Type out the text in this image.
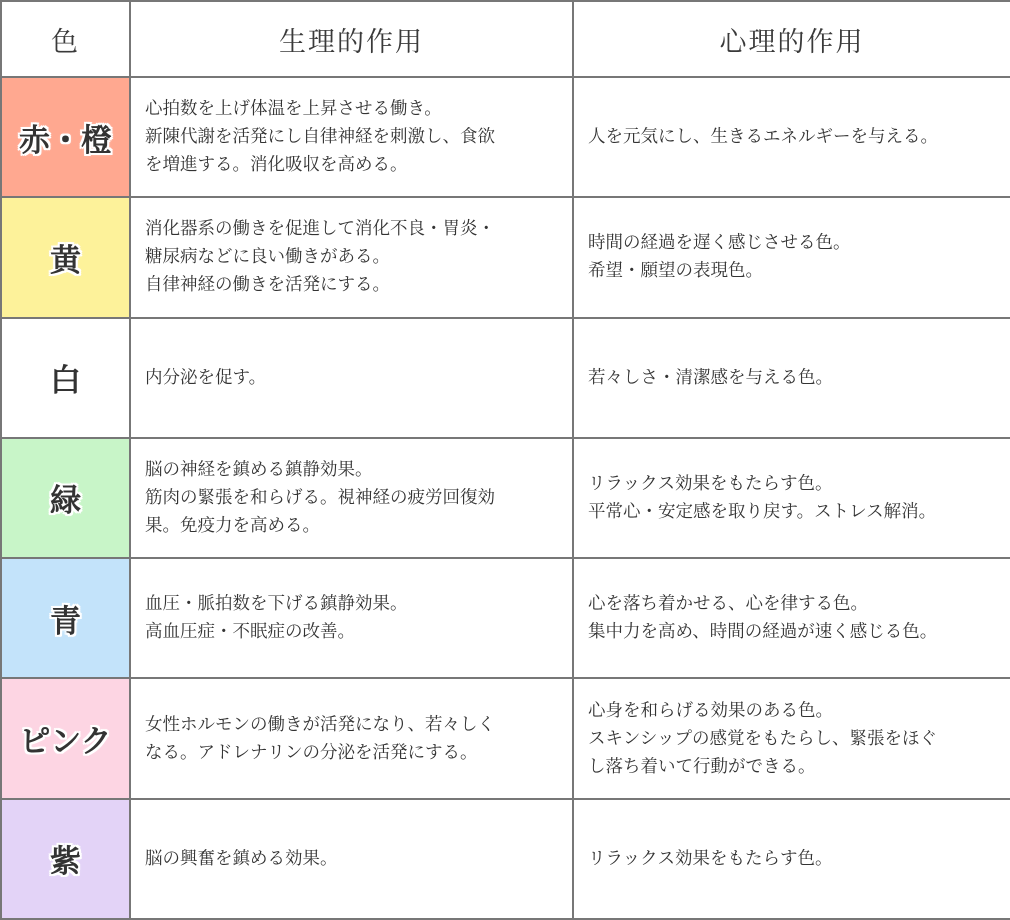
色	生理的作用	心理的作用
赤・橙	心拍数を上げ体温を上昇させる働き。
新陳代謝を活発にし自律神経を刺激し、食欲
を増進する。消化吸収を高める。	人を元気にし、生きるエネルギーを与える。

黄	消化器系の働きを促進して消化不良・胃炎・
糖尿病などに良い働きがある。
自律神経の働きを活発にする。	時間の経過を遅く感じさせる色。
希望・願望の表現色。

白	内分泌を促す。	若々しさ・清潔感を与える色。

緑	脳の神経を鎮める鎮静効果。
筋肉の緊張を和らげる。視神経の疲労回復効
果。免疫力を高める。	リラックス効果をもたらす色。
平常心・安定感を取り戻す。ストレス解消。

青	血圧・脈拍数を下げる鎮静効果。
高血圧症・不眠症の改善。	心を落ち着かせる、心を律する色。
集中力を高め、時間の経過が速く感じる色。

ピンク	女性ホルモンの働きが活発になり、若々しく
なる。アドレナリンの分泌を活発にする。	心身を和らげる効果のある色。
スキンシップの感覚をもたらし、緊張をほぐ
し落ち着いて行動ができる。

紫	脳の興奮を鎮める効果。	リラックス効果をもたらす色。
